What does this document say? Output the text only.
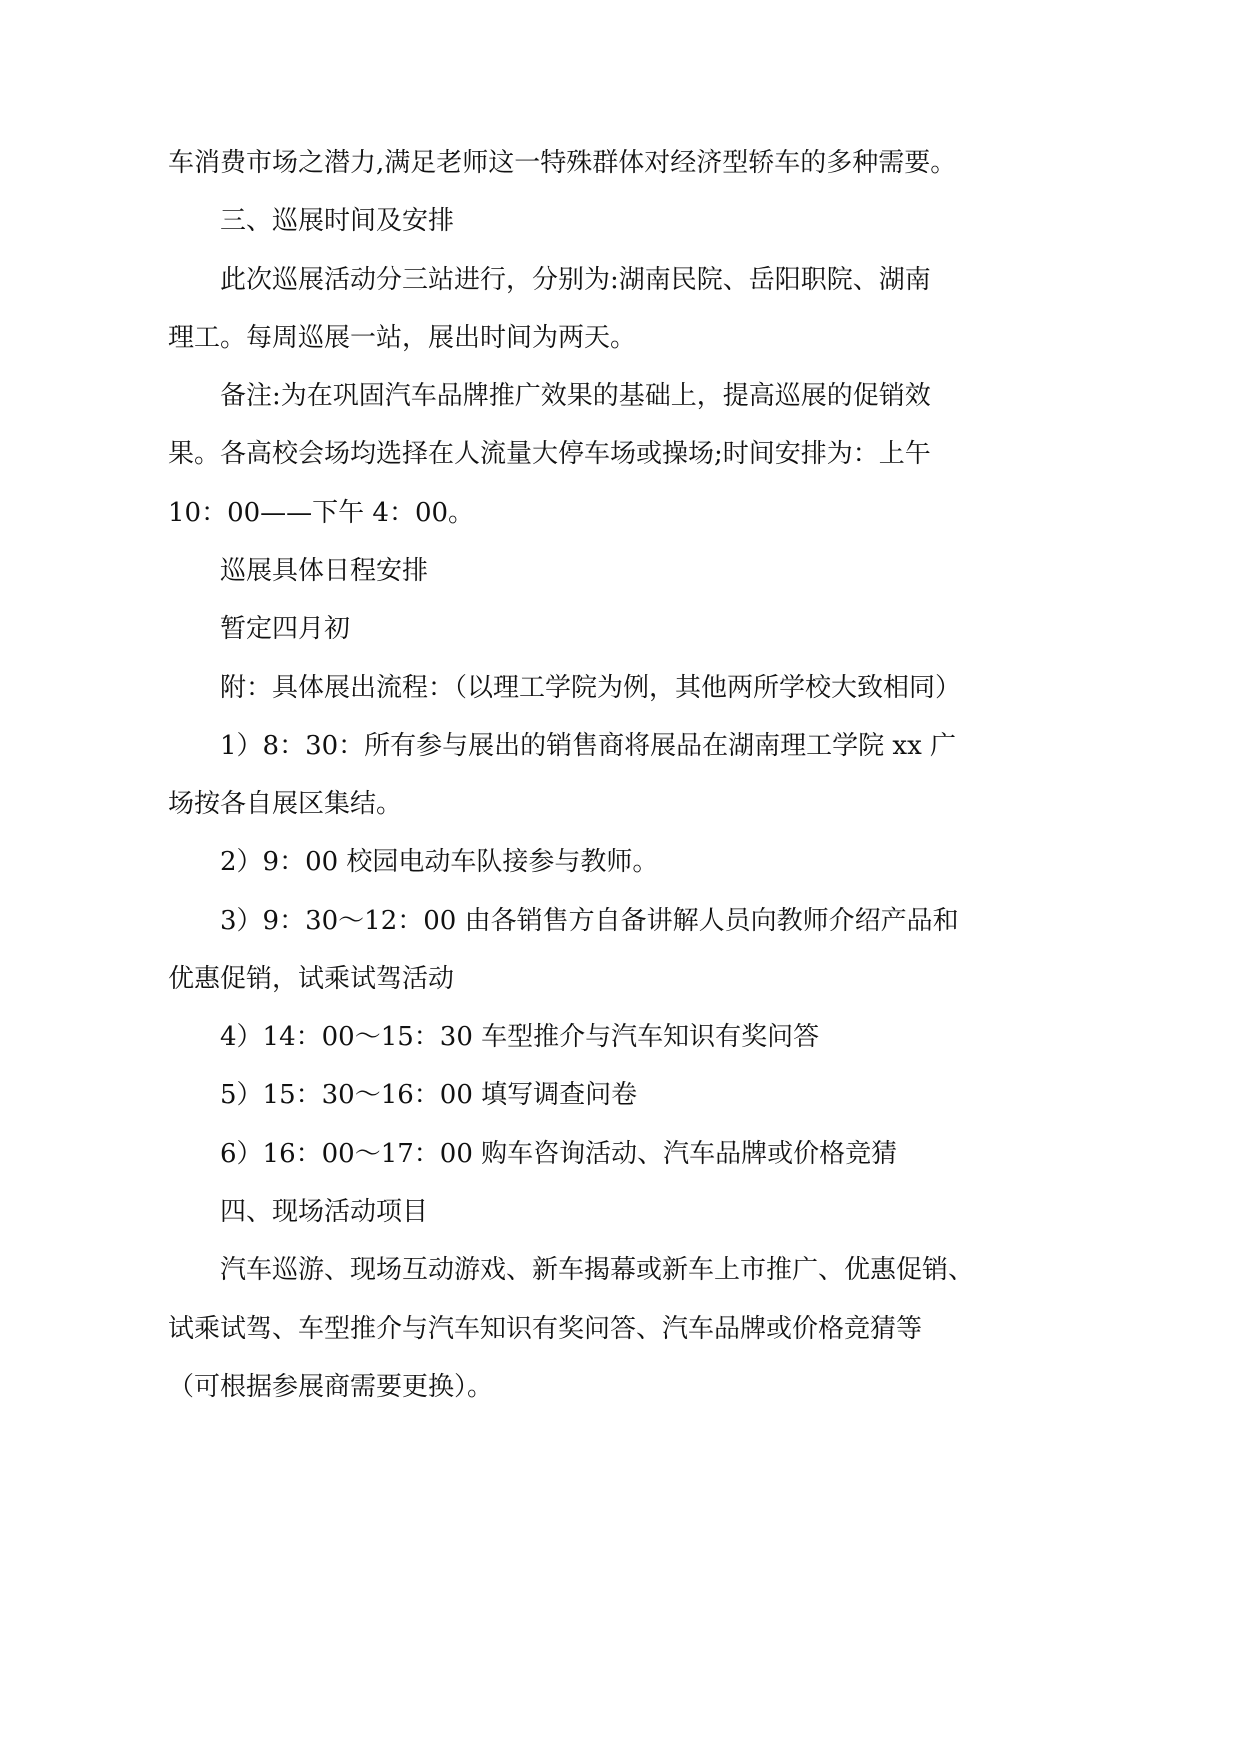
车消费市场之潜力,满足老师这一特殊群体对经济型轿车的多种需要。

三、巡展时间及安排

此次巡展活动分三站进行，分别为:湖南民院、岳阳职院、湖南

理工。每周巡展一站，展出时间为两天。

备注:为在巩固汽车品牌推广效果的基础上，提高巡展的促销效

果。各高校会场均选择在人流量大停车场或操场;时间安排为：上午

10：00——下午 4：00。

巡展具体日程安排

暂定四月初

附：具体展出流程：（以理工学院为例，其他两所学校大致相同）

1）8：30：所有参与展出的销售商将展品在湖南理工学院 xx 广

场按各自展区集结。

2）9：00 校园电动车队接参与教师。

3）9：30～12：00 由各销售方自备讲解人员向教师介绍产品和

优惠促销，试乘试驾活动

4）14：00～15：30 车型推介与汽车知识有奖问答

5）15：30～16：00 填写调查问卷

6）16：00～17：00 购车咨询活动、汽车品牌或价格竞猜

四、现场活动项目

汽车巡游、现场互动游戏、新车揭幕或新车上市推广、优惠促销、

试乘试驾、车型推介与汽车知识有奖问答、汽车品牌或价格竞猜等

（可根据参展商需要更换）。
